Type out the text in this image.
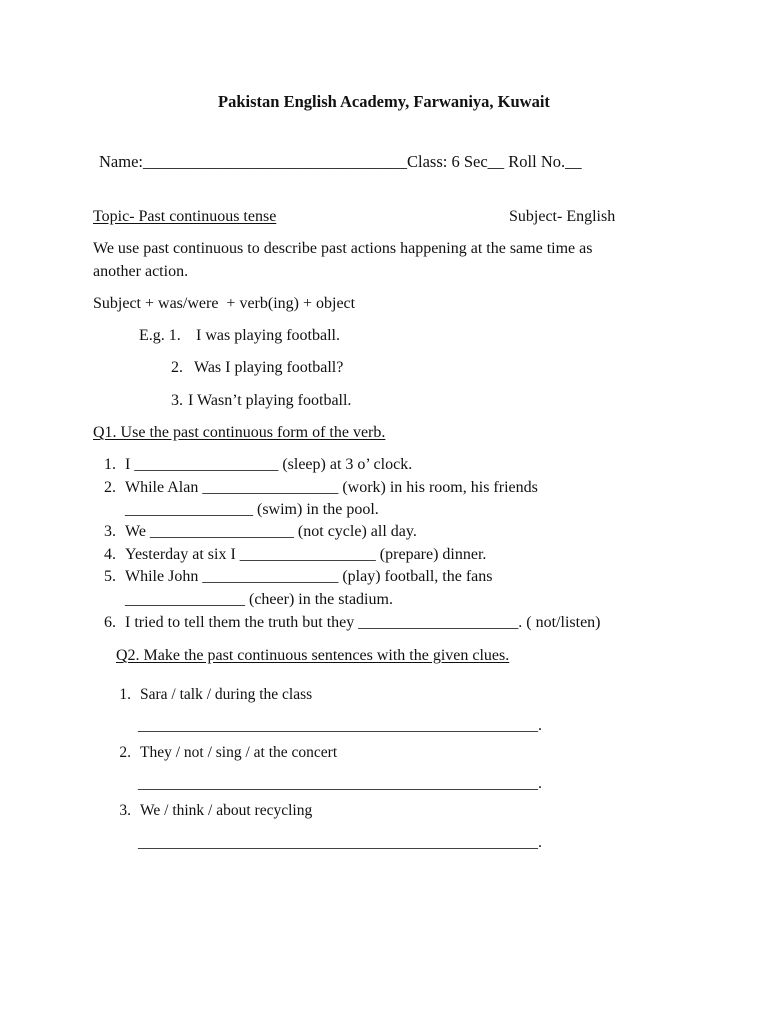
Pakistan English Academy, Farwaniya, Kuwait
Name:________________________________Class: 6 Sec__ Roll No.__
Topic- Past continuous tense	Subject- English
We use past continuous to describe past actions happening at the same time as
another action.
Subject + was/were  + verb(ing) + object
E.g. 1. I was playing football.
2. Was I playing football?
3. I Wasn’t playing football.
Q1. Use the past continuous form of the verb.
1. I __________________ (sleep) at 3 o’ clock.
2. While Alan _________________ (work) in his room, his friends
________________ (swim) in the pool.
3. We __________________ (not cycle) all day.
4. Yesterday at six I _________________ (prepare) dinner.
5. While John _________________ (play) football, the fans
_______________ (cheer) in the stadium.
6. I tried to tell them the truth but they ____________________. ( not/listen)
Q2. Make the past continuous sentences with the given clues.
1. Sara / talk / during the class
__________________________________________________.
2. They / not / sing / at the concert
__________________________________________________.
3. We / think / about recycling
__________________________________________________.
